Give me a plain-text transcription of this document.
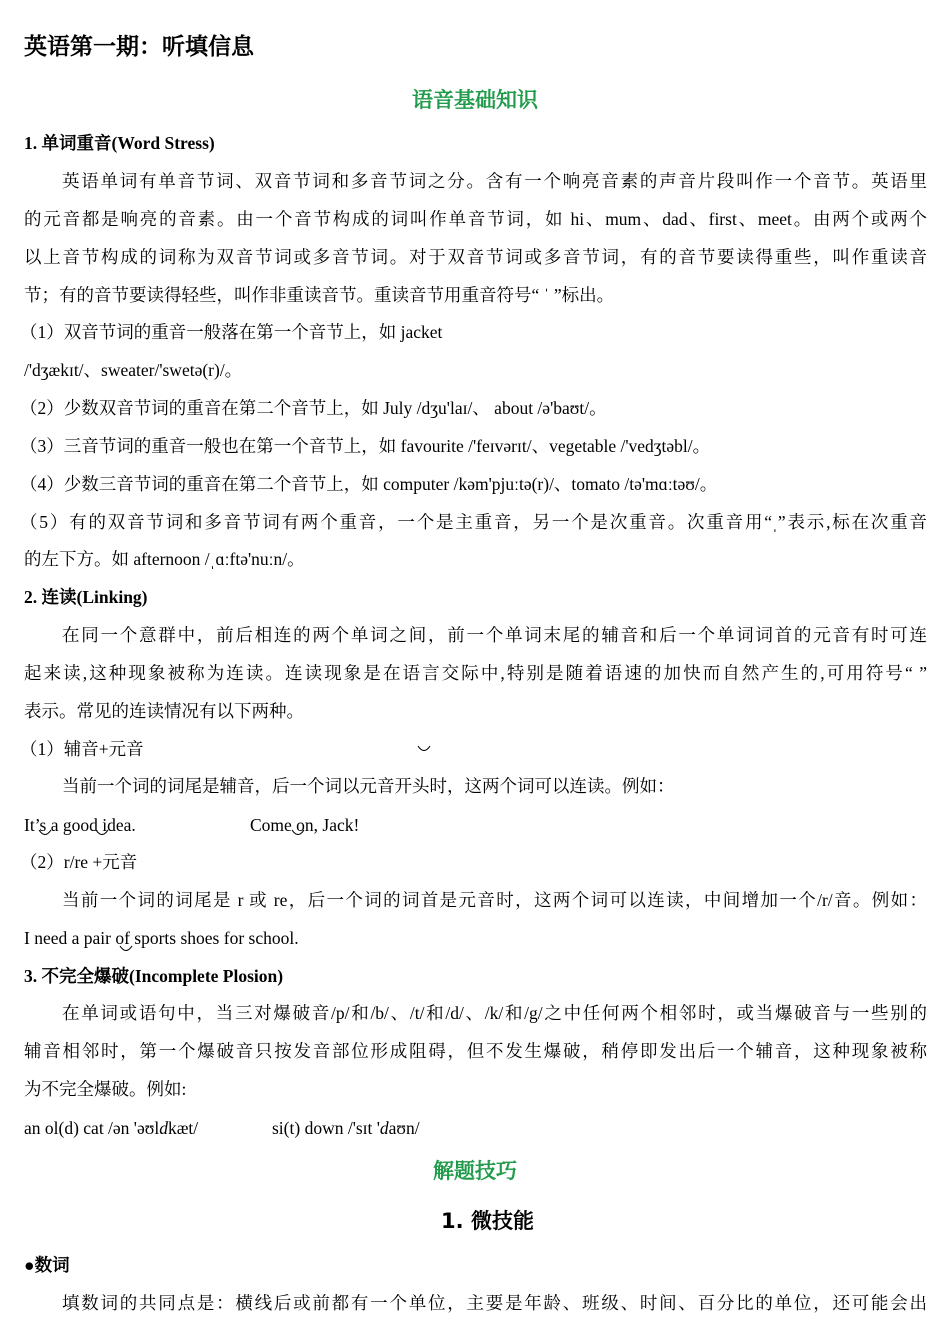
英语第一期：听填信息
语音基础知识
1. 单词重音(Word Stress)
英语单词有单音节词、双音节词和多音节词之分。含有一个响亮音素的声音片段叫作一个音节。英语里
的元音都是响亮的音素。由一个音节构成的词叫作单音节词，如 hi、mum、dad、first、meet。由两个或两个
以上音节构成的词称为双音节词或多音节词。对于双音节词或多音节词，有的音节要读得重些，叫作重读音
节；有的音节要读得轻些，叫作非重读音节。重读音节用重音符号“ ˈ ”标出。
（1）双音节词的重音一般落在第一个音节上，如 jacket
/'dʒækɪt/、sweater/'swetə(r)/。
（2）少数双音节词的重音在第二个音节上，如 July /dʒu'laɪ/、 about /ə'baʊt/。
（3）三音节词的重音一般也在第一个音节上，如 favourite /'feɪvərɪt/、vegetable /'vedʒtəbl/。
（4）少数三音节词的重音在第二个音节上，如 computer /kəm'pjuːtə(r)/、tomato /tə'mɑːtəʊ/。
（5）有的双音节词和多音节词有两个重音，一个是主重音，另一个是次重音。次重音用“ˌ”表示,标在次重音
的左下方。如 afternoon /ˌɑːftə'nuːn/。
2. 连读(Linking)
在同一个意群中，前后相连的两个单词之间，前一个单词末尾的辅音和后一个单词词首的元音有时可连
起来读,这种现象被称为连读。连读现象是在语言交际中,特别是随着语速的加快而自然产生的,可用符号“ ”
表示。常见的连读情况有以下两种。
（1）辅音+元音
当前一个词的词尾是辅音，后一个词以元音开头时，这两个词可以连读。例如：
It’s a good idea.	Come on, Jack!
（2）r/re +元音
当前一个词的词尾是 r 或 re，后一个词的词首是元音时，这两个词可以连读，中间增加一个/r/音。例如：
I need a pair of sports shoes for school.
3. 不完全爆破(Incomplete Plosion)
在单词或语句中，当三对爆破音/p/和/b/、/t/和/d/、/k/和/g/之中任何两个相邻时，或当爆破音与一些别的
辅音相邻时，第一个爆破音只按发音部位形成阻碍，但不发生爆破，稍停即发出后一个辅音，这种现象被称
为不完全爆破。例如:
an ol(d) cat /ən 'əʊldkæt/	si(t) down /'sɪt 'daʊn/
解题技巧
1. 微技能
●数词
填数词的共同点是：横线后或前都有一个单位，主要是年龄、班级、时间、百分比的单位，还可能会出
